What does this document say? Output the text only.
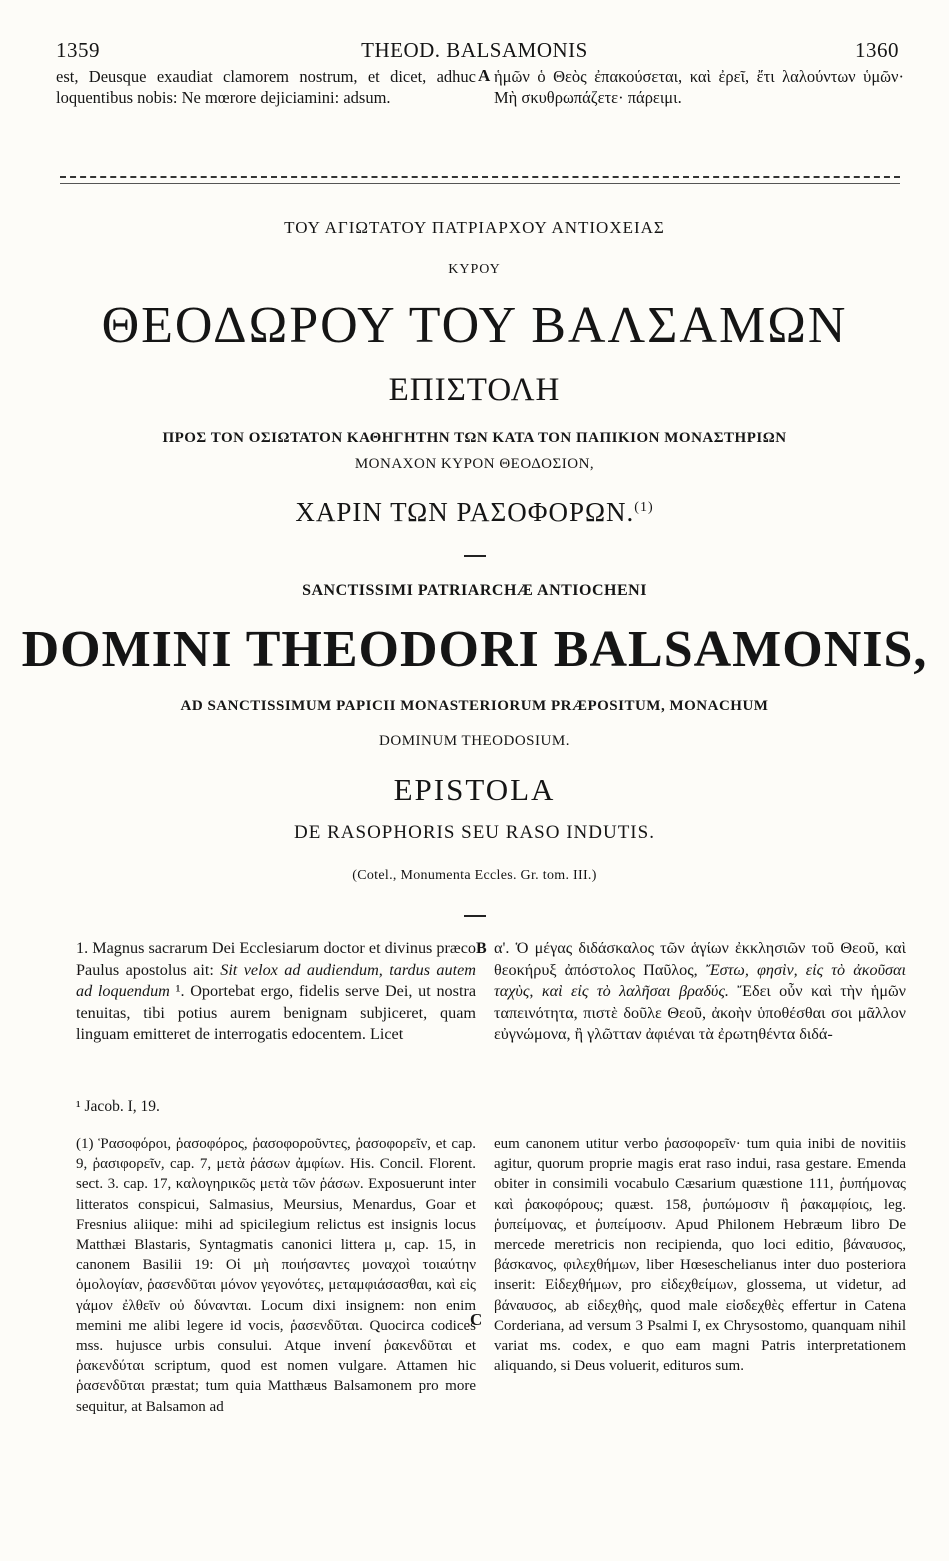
1359	THEOD. BALSAMONIS	1360
est, Deusque exaudiat clamorem nostrum, et dicet, adhuc loquentibus nobis: Ne mœrore dejiciamini: adsum.
A ἡμῶν ὁ Θεὸς ἐπακούσεται, καὶ ἐρεῖ, ἔτι λαλούντων ὑμῶν· Μὴ σκυθρωπάζετε· πάρειμι.
ΤΟΥ ΑΓΙΩΤΑΤΟΥ ΠΑΤΡΙΑΡΧΟΥ ΑΝΤΙΟΧΕΙΑΣ
ΚΥΡΟΥ
ΘΕΟΔΩΡΟΥ ΤΟΥ ΒΑΛΣΑΜΩΝ
ΕΠΙΣΤΟΛΗ
ΠΡΟΣ ΤΟΝ ΟΣΙΩΤΑΤΟΝ ΚΑΘΗΓΗΤΗΝ ΤΩΝ ΚΑΤΑ ΤΟΝ ΠΑΠΙΚΙΟΝ ΜΟΝΑΣΤΗΡΙΩΝ
ΜΟΝΑΧΟΝ ΚΥΡΟΝ ΘΕΟΔΟΣΙΟΝ,
ΧΑΡΙΝ ΤΩΝ ΡΑΣΟΦΟΡΩΝ.$^{(1)}$
SANCTISSIMI PATRIARCHÆ ANTIOCHENI
DOMINI THEODORI BALSAMONIS,
AD SANCTISSIMUM PAPICII MONASTERIORUM PRÆPOSITUM, MONACHUM
DOMINUM THEODOSIUM.
EPISTOLA
DE RASOPHORIS SEU RASO INDUTIS.
(Cotel., Monumenta Eccles. Gr. tom. III.)
1. Magnus sacrarum Dei Ecclesiarum doctor et divinus præco Paulus apostolus ait: Sit velox ad audiendum, tardus autem ad loquendum ¹. Oportebat ergo, fidelis serve Dei, ut nostra tenuitas, tibi potius aurem benignam subjiceret, quam linguam emitteret de interrogatis edocentem. Licet
B α'. Ὁ μέγας διδάσκαλος τῶν ἁγίων ἐκκλησιῶν τοῦ Θεοῦ, καὶ θεοκήρυξ ἀπόστολος Παῦλος, Ἔστω, φησὶν, εἰς τὸ ἀκοῦσαι ταχὺς, καὶ εἰς τὸ λαλῆσαι βραδύς. Ἔδει οὖν καὶ τὴν ἡμῶν ταπεινότητα, πιστὲ δοῦλε Θεοῦ, ἀκοὴν ὑποθέσθαι σοι μᾶλλον εὐγνώμονα, ἢ γλῶτταν ἀφιέναι τὰ ἐρωτηθέντα διδά-
¹ Jacob. I, 19.
(1) Ῥασοφόροι, ῥασοφόρος, ῥασοφοροῦντες, ῥασοφορεῖν, et cap. 9, ῥασιφορεῖν, cap. 7, μετὰ ῥάσων ἀμφίων. His. Concil. Florent. sect. 3. cap. 17, καλογηρικῶς μετὰ τῶν ῥάσων. Exposuerunt inter litteratos conspicui, Salmasius, Meursius, Menardus, Goar et Fresnius aliique: mihi ad spicilegium relictus est insignis locus Matthæi Blastaris, Syntagmatis canonici littera μ, cap. 15, in canonem Basilii 19: Οἱ μὴ ποιήσαντες μοναχοὶ τοιαύτην ὁμολογίαν, ῥασενδῦται μόνον γεγονότες, μεταμφιάσασθαι, καὶ εἰς γάμον ἐλθεῖν οὐ δύνανται. Locum dixi insignem: non enim memini me alibi legere id vocis, ῥασενδῦται. Quocirca codices mss. hujusce urbis consului. Atque invení ῥακενδῦται et ῥακενδύται scriptum, quod est nomen vulgare. Attamen hic ῥασενδῦται præstat; tum quia Matthæus Balsamonem pro more sequitur, at Balsamon ad
C
eum canonem utitur verbo ῥασοφορεῖν· tum quia inibi de novitiis agitur, quorum proprie magis erat raso indui, rasa gestare. Emenda obiter in consimili vocabulo Cæsarium quæstione 111, ῥυπήμονας καὶ ῥακοφόρους; quæst. 158, ῥυπώμοσιν ἢ ῥακαμφίοις, leg. ῥυπείμονας, et ῥυπείμοσιν. Apud Philonem Hebræum libro De mercede meretricis non recipienda, quo loci editio, βάναυσος, βάσκανος, φιλεχθήμων, liber Hœseschelianus inter duo posteriora inserit: Εἰδεχθήμων, pro εἰδεχθείμων, glossema, ut videtur, ad βάναυσος, ab εἰδεχθὴς, quod male εἰσδεχθὲς effertur in Catena Corderiana, ad versum 3 Psalmi I, ex Chrysostomo, quanquam nihil variat ms. codex, e quo eam magni Patris interpretationem aliquando, si Deus voluerit, edituros sum.
